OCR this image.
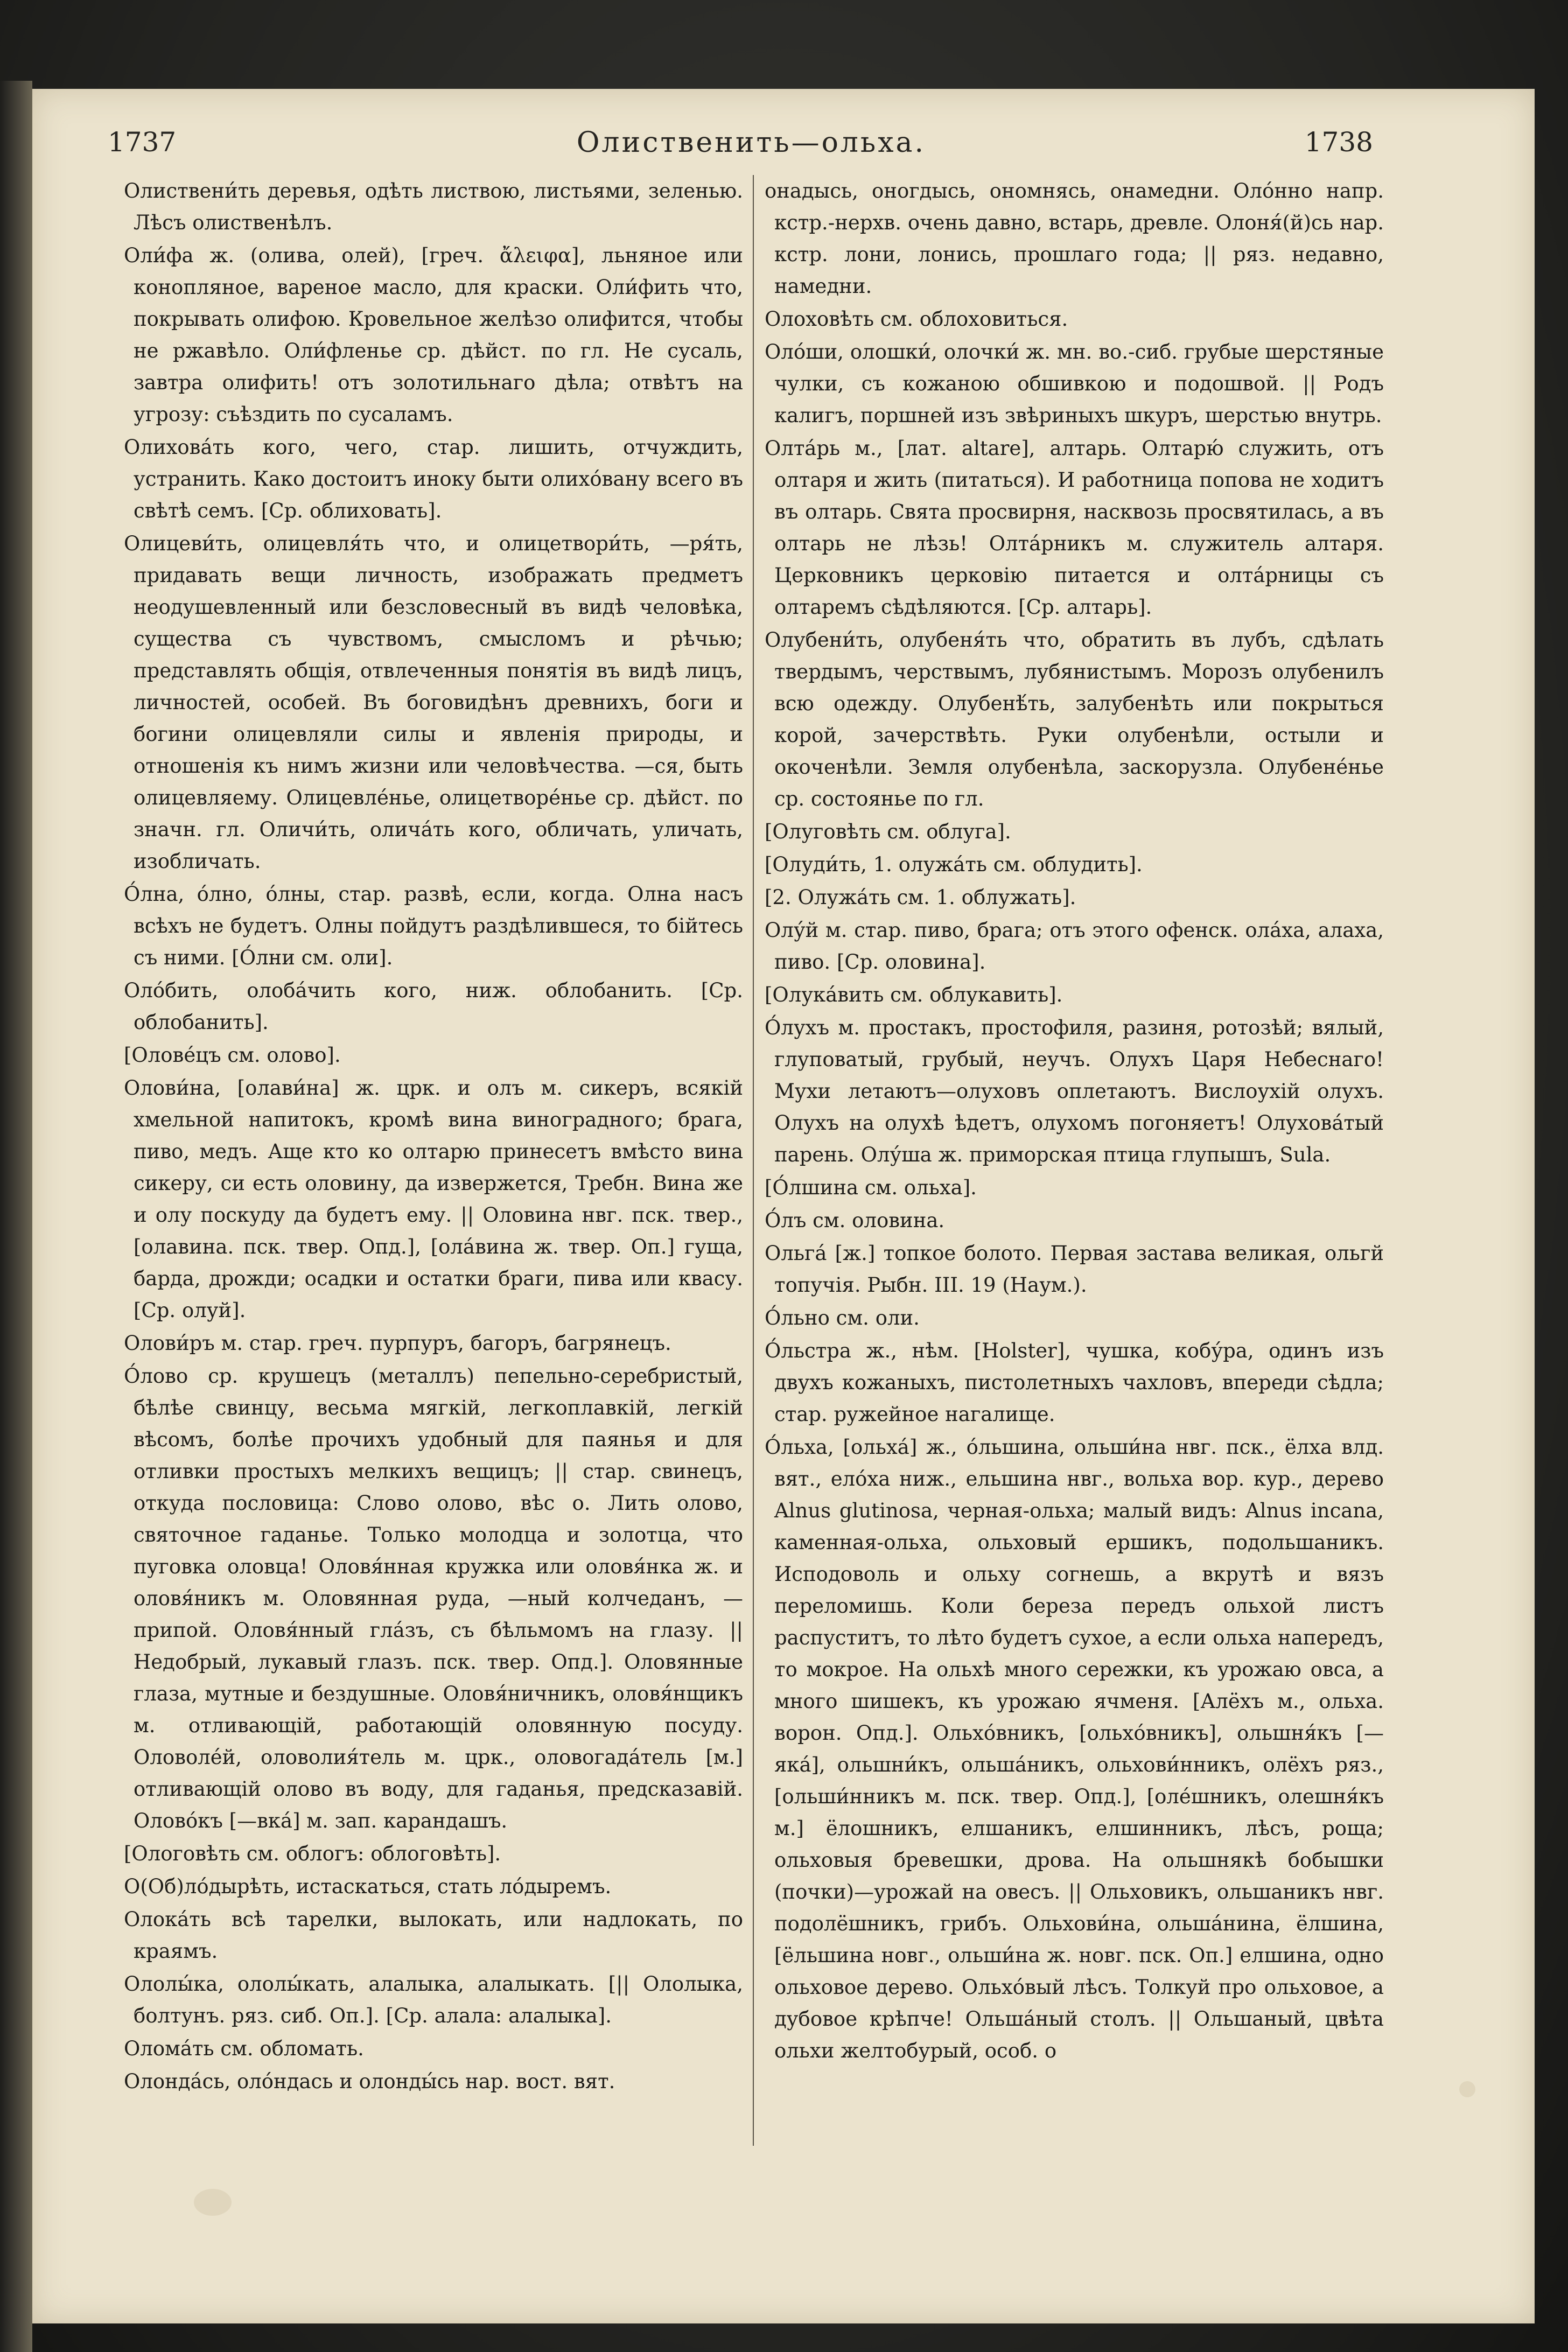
1737	Олиственить—ольха.	1738

Олиствени́ть деревья, одѣть листвою, листьями, зеленью. Лѣсъ олиственѣлъ.

Оли́фа ж. (олива, олей), [греч. ἄλειφα], льняное или конопляное, вареное масло, для краски. Оли́фить что, покрывать олифою. Кровельное желѣзо олифится, чтобы не ржавѣло. Оли́фленье ср. дѣйст. по гл. Не сусаль, завтра олифить! отъ золотильнаго дѣла; отвѣтъ на угрозу: съѣздить по сусаламъ.

Олихова́ть кого, чего, стар. лишить, отчуждить, устранить. Како достоитъ иноку быти олихо́вану всего въ свѣтѣ семъ. [Ср. облиховать].

Олицеви́ть, олицевля́ть что, и олицетвори́ть, —ря́ть, придавать вещи личность, изображать предметъ неодушевленный или безсловесный въ видѣ человѣка, существа съ чувствомъ, смысломъ и рѣчью; представлять общія, отвлеченныя понятія въ видѣ лицъ, личностей, особей. Въ боговидѣнъ древнихъ, боги и богини олицевляли силы и явленія природы, и отношенія къ нимъ жизни или человѣчества. —ся, быть олицевляему. Олицевле́нье, олицетворе́нье ср. дѣйст. по значн. гл. Оличи́ть, олича́ть кого, обличать, уличать, изобличать.

О́лна, о́лно, о́лны, стар. развѣ, если, когда. Олна насъ всѣхъ не будетъ. Олны пойдутъ раздѣлившеся, то бійтесь съ ними. [О́лни см. оли].

Оло́бить, олоба́чить кого, ниж. облобанить. [Ср. облобанить].

[Оловéцъ см. олово].

Олови́на, [олави́на] ж. црк. и олъ м. сикеръ, всякій хмельной напитокъ, кромѣ вина виноградного; брага, пиво, медъ. Аще кто ко олтарю принесетъ вмѣсто вина сикеру, си есть оловину, да извержется, Требн. Вина же и олу поскуду да будетъ ему. || Оловина нвг. пск. твер., [олавина. пск. твер. Опд.], [ола́вина ж. твер. Оп.] гуща, барда, дрожди; осадки и остатки браги, пива или квасу. [Ср. олуй].

Олови́ръ м. стар. греч. пурпуръ, багоръ, багрянецъ.

О́лово ср. крушецъ (металлъ) пепельно-серебристый, бѣлѣе свинцу, весьма мягкій, легкоплавкій, легкій вѣсомъ, болѣе прочихъ удобный для паянья и для отливки простыхъ мелкихъ вещицъ; || стар. свинецъ, откуда пословица: Слово олово, вѣс о. Лить олово, святочное гаданье. Только молодца и золотца, что пуговка оловца! Оловя́нная кружка или оловя́нка ж. и оловя́никъ м. Оловянная руда, —ный колчеданъ, —припой. Оловя́нный гла́зъ, съ бѣльмомъ на глазу. || Недобрый, лукавый глазъ. пск. твер. Опд.]. Оловянные глаза, мутные и бездушные. Оловя́ничникъ, оловя́нщикъ м. отливающій, работающій оловянную посуду. Оловоле́й, оловолия́тель м. црк., оловогада́тель [м.] отливающій олово въ воду, для гаданья, предсказавій. Оловóкъ [—вка́] м. зап. карандашъ.

[Ологовѣть см. облогъ: облоговѣть].

О(Об)ло́дырѣть, истаскаться, стать ло́дыремъ.

Олока́ть всѣ тарелки, вылокать, или надлокать, по краямъ.

Ололы́ка, ололы́кать, алалыка, алалыкать. [|| Ололыка, болтунъ. ряз. сиб. Оп.]. [Ср. алала: алалыка].

Олома́ть см. обломать.

Олонда́сь, оло́ндась и олонды́сь нар. вост. вят.

онадысь, оногдысь, ономнясь, онамедни. Олóнно напр. кстр.-нерхв. очень давно, встарь, древле. Олоня́(й)сь нар. кстр. лони, лонись, прошлаго года; || ряз. недавно, намедни.

Олоховѣть см. облоховиться.

Оло́ши, олошки́, олочки́ ж. мн. во.-сиб. грубые шерстяные чулки, съ кожаною обшивкою и подошвой. || Родъ калигъ, поршней изъ звѣриныхъ шкуръ, шерстью внутрь.

Олта́рь м., [лат. altare], алтарь. Олтарю́ служить, отъ олтаря и жить (питаться). И работница попова не ходитъ въ олтарь. Свята просвирня, насквозь просвятилась, а въ олтарь не лѣзь! Олта́рникъ м. служитель алтаря. Церковникъ церковію питается и олта́рницы съ олтаремъ сѣдѣляются. [Ср. алтарь].

Олубени́ть, олубеня́ть что, обратить въ лубъ, сдѣлать твердымъ, черствымъ, лубянистымъ. Морозъ олубенилъ всю одежду. Олубенѣ́ть, залубенѣть или покрыться корой, зачерствѣть. Руки олубенѣли, остыли и окоченѣли. Земля олубенѣла, заскорузла. Олубене́нье ср. состоянье по гл.

[Олуговѣть см. облуга].

[Олуди́ть, 1. олужа́ть см. облудить].

[2. Олужа́ть см. 1. облужать].

Олу́й м. стар. пиво, брага; отъ этого офенск. ола́ха, алаха, пиво. [Ср. оловина].

[Олука́вить см. облукавить].

О́лухъ м. простакъ, простофиля, разиня, ротозѣй; вялый, глуповатый, грубый, неучъ. Олухъ Царя Небеснаго! Мухи летаютъ—олуховъ оплетаютъ. Вислоухій олухъ. Олухъ на олухѣ ѣдетъ, олухомъ погоняетъ! Олухова́тый парень. Олу́ша ж. приморская птица глупышъ, Sula.

[О́лшина см. ольха].

О́лъ см. оловина.

Ольга́ [ж.] топкое болото. Первая застава великая, ольгй топучія. Рыбн. III. 19 (Наум.).

О́льно см. оли.

О́льстра ж., нѣм. [Holster], чушка, кобу́ра, одинъ изъ двухъ кожаныхъ, пистолетныхъ чахловъ, впереди сѣдла; стар. ружейное нагалище.

О́льха, [ольха́] ж., о́льшина, ольши́на нвг. пск., ёлха влд. вят., ело́ха ниж., ельшина нвг., вольха вор. кур., дерево Alnus glutinosa, черная-ольха; малый видъ: Alnus incana, каменная-ольха, ольховый ершикъ, подольшаникъ. Исподоволь и ольху согнешь, а вкрутѣ и вязъ переломишь. Коли береза передъ ольхой листъ распуститъ, то лѣто будетъ сухое, а если ольха напередъ, то мокрое. На ольхѣ много сережки, къ урожаю овса, а много шишекъ, къ урожаю ячменя. [Алёхъ м., ольха. ворон. Опд.]. Ольхо́вникъ, [ольхо́вникъ], ольшня́къ [—яка́], ольшни́къ, ольша́никъ, ольхови́нникъ, олёхъ ряз., [ольши́нникъ м. пск. твер. Опд.], [оле́шникъ, олешня́къ м.] ёлошникъ, елшаникъ, елшинникъ, лѣсъ, роща; ольховыя бревешки, дрова. На ольшнякѣ бобышки (почки)—урожай на овесъ. || Ольховикъ, ольшаникъ нвг. подолёшникъ, грибъ. Ольхови́на, ольша́нина, ёлшина, [ёльшина новг., ольши́на ж. новг. пск. Оп.] елшина, одно ольховое дерево. Ольхо́вый лѣсъ. Толкуй про ольховое, а дубовое крѣпче! Ольша́ный столъ. || Ольшаный, цвѣта ольхи желтобурый, особ. о
